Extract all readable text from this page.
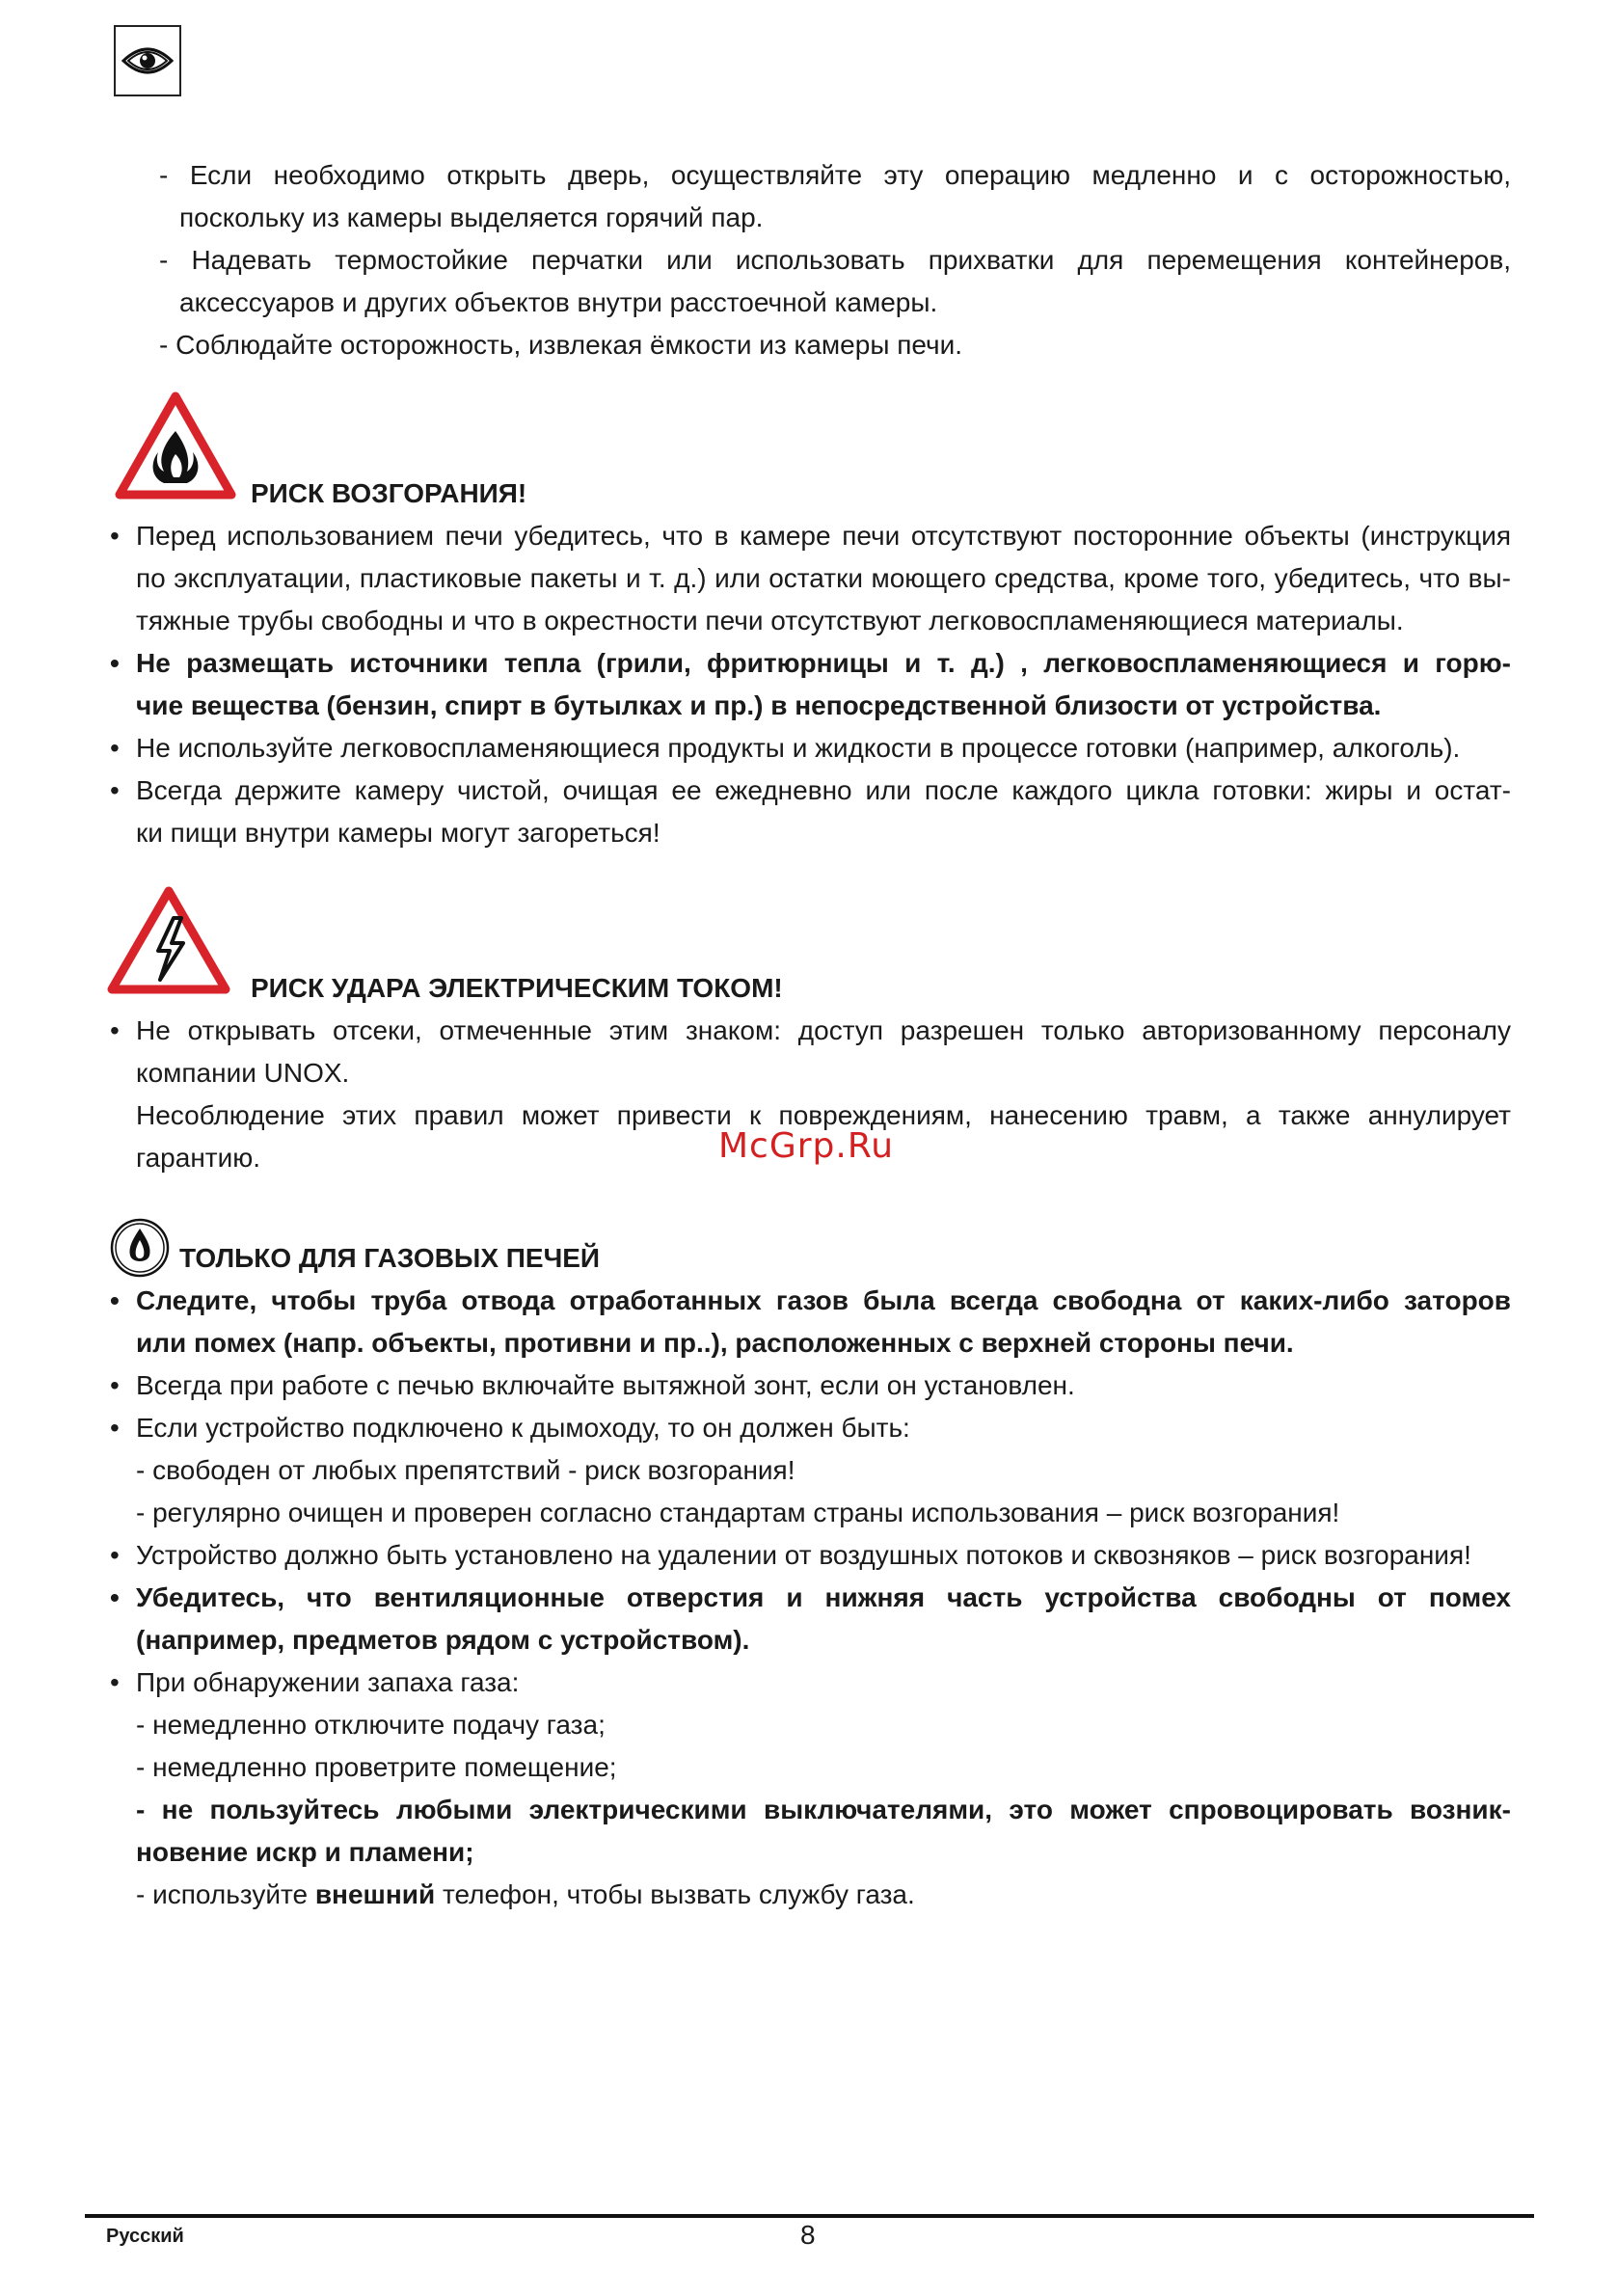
- Если необходимо открыть дверь, осуществляйте эту операцию медленно и с осторожностью,
поскольку из камеры выделяется горячий пар.
- Надевать термостойкие перчатки или использовать прихватки для перемещения контейнеров,
аксессуаров и других объектов внутри расстоечной камеры.
- Соблюдайте осторожность, извлекая ёмкости из камеры печи.
РИСК ВОЗГОРАНИЯ!
• Перед использованием печи убедитесь, что в камере печи отсутствуют посторонние объекты (инструкция
по эксплуатации, пластиковые пакеты и т. д.) или остатки моющего средства, кроме того, убедитесь, что вы-
тяжные трубы свободны и что в окрестности печи отсутствуют легковоспламеняющиеся материалы.
• Не размещать источники тепла (грили, фритюрницы и т. д.) , легковоспламеняющиеся и горю-
чие вещества (бензин, спирт в бутылках и пр.) в непосредственной близости от устройства.
• Не используйте легковоспламеняющиеся продукты и жидкости в процессе готовки (например, алкоголь).
• Всегда держите камеру чистой, очищая ее ежедневно или после каждого цикла готовки: жиры и остат-
ки пищи внутри камеры могут загореться!
РИСК УДАРА ЭЛЕКТРИЧЕСКИМ ТОКОМ!
• Не открывать отсеки, отмеченные этим знаком: доступ разрешен только авторизованному персоналу
компании UNOX.
Несоблюдение этих правил может привести к повреждениям, нанесению травм, а также аннулирует
гарантию.	McGrp.Ru
ТОЛЬКО ДЛЯ ГАЗОВЫХ ПЕЧЕЙ
• Следите, чтобы труба отвода отработанных газов была всегда свободна от каких-либо заторов
или помех (напр. объекты, противни и пр..), расположенных с верхней стороны печи.
• Всегда при работе с печью включайте вытяжной зонт, если он установлен.
• Если устройство подключено к дымоходу, то он должен быть:
- свободен от любых препятствий - риск возгорания!
- регулярно очищен и проверен согласно стандартам страны использования – риск возгорания!
• Устройство должно быть установлено на удалении от воздушных потоков и сквозняков – риск возгорания!
• Убедитесь, что вентиляционные отверстия и нижняя часть устройства свободны от помех
(например, предметов рядом с устройством).
• При обнаружении запаха газа:
- немедленно отключите подачу газа;
- немедленно проветрите помещение;
- не пользуйтесь любыми электрическими выключателями, это может спровоцировать возник-
новение искр и пламени;
- используйте внешний телефон, чтобы вызвать службу газа.
Русский	8
